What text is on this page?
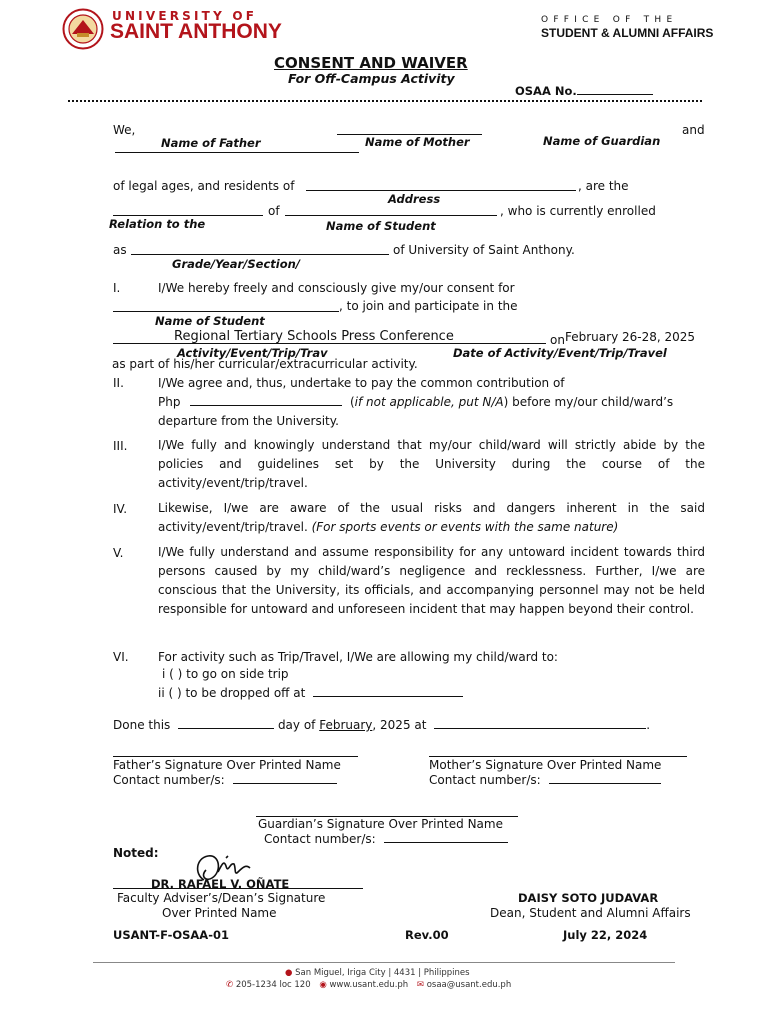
UNIVERSITY OF
SAINT ANTHONY	O F F I C E   O F   T H E
STUDENT & ALUMNI AFFAIRS
CONSENT AND WAIVER
For Off-Campus Activity
OSAA No.
We,	and
Name of Father	Name of Mother	Name of Guardian
of legal ages, and residents of	, are the
Address
of	, who is currently enrolled
Relation to the	Name of Student
as	of University of Saint Anthony.
Grade/Year/Section/
I.	I/We hereby freely and consciously give my/our consent for
, to join and participate in the
Name of Student
Regional Tertiary Schools Press Conference	on February 26-28, 2025
Activity/Event/Trip/Trav	Date of Activity/Event/Trip/Travel
as part of his/her curricular/extracurricular activity.
II.	I/We agree and, thus, undertake to pay the common contribution of
Php	(if not applicable, put N/A) before my/our child/ward’s
departure from the University.
III.	I/We fully and knowingly understand that my/our child/ward will strictly abide by the policies and guidelines set by the University during the course of the activity/event/trip/travel.
IV.	Likewise, I/we are aware of the usual risks and dangers inherent in the said activity/event/trip/travel. (For sports events or events with the same nature)
V.	I/We fully understand and assume responsibility for any untoward incident towards third persons caused by my child/ward’s negligence and recklessness. Further, I/we are conscious that the University, its officials, and accompanying personnel may not be held responsible for untoward and unforeseen incident that may happen beyond their control.
VI. For activity such as Trip/Travel, I/We are allowing my child/ward to:
i ( ) to go on side trip
ii ( ) to be dropped off at
Done this	day of February, 2025 at	.
Father’s Signature Over Printed Name
Contact number/s:
Mother’s Signature Over Printed Name
Contact number/s:
Guardian’s Signature Over Printed Name
Contact number/s:
Noted:
DR. RAFAEL V. OÑATE
Faculty Adviser’s/Dean’s Signature
Over Printed Name
DAISY SOTO JUDAVAR
Dean, Student and Alumni Affairs
USANT-F-OSAA-01	Rev.00	July 22, 2024
● San Miguel, Iriga City | 4431 | Philippines
✆ 205-1234 loc 120 ◉ www.usant.edu.ph ✉ osaa@usant.edu.ph
